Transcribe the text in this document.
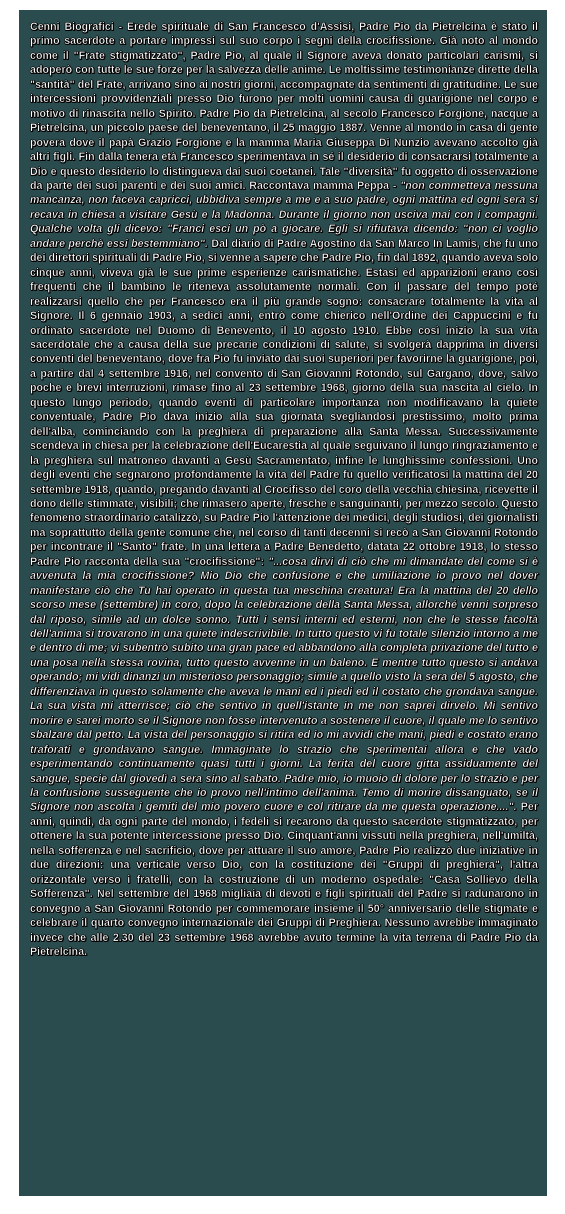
Cenni Biografici - Erede spirituale di San Francesco d'Assisi, Padre Pio da Pietrelcina è stato il primo sacerdote a portare impressi sul suo corpo i segni della crocifissione. Già noto al mondo come il "Frate stigmatizzato", Padre Pio, al quale il Signore aveva donato particolari carismi, si adoperò con tutte le sue forze per la salvezza delle anime. Le moltissime testimonianze dirette della "santità" del Frate, arrivano sino ai nostri giorni, accompagnate da sentimenti di gratitudine. Le sue intercessioni provvidenziali presso Dio furono per molti uomini causa di guarigione nel corpo e motivo di rinascita nello Spirito. Padre Pio da Pietrelcina, al secolo Francesco Forgione, nacque a Pietrelcina, un piccolo paese del beneventano, il 25 maggio 1887. Venne al mondo in casa di gente povera dove il papà Grazio Forgione e la mamma Maria Giuseppa Di Nunzio avevano accolto già altri figli. Fin dalla tenera età Francesco sperimentava in sé il desiderio di consacrarsi totalmente a Dio e questo desiderio lo distingueva dai suoi coetanei. Tale "diversità" fu oggetto di osservazione da parte dei suoi parenti e dei suoi amici. Raccontava mamma Peppa - "non commetteva nessuna mancanza, non faceva capricci, ubbidiva sempre a me e a suo padre, ogni mattina ed ogni sera si recava in chiesa a visitare Gesù e la Madonna. Durante il giorno non usciva mai con i compagni. Qualche volta gli dicevo: "Franci esci un pò a giocare. Egli si rifiutava dicendo: "non ci voglio andare perchè essi bestemmiano". Dal diario di Padre Agostino da San Marco In Lamis, che fu uno dei direttori spirituali di Padre Pio, si venne a sapere che Padre Pio, fin dal 1892, quando aveva solo cinque anni, viveva già le sue prime esperienze carismatiche. Estasi ed apparizioni erano così frequenti che il bambino le riteneva assolutamente normali. Con il passare del tempo poté realizzarsi quello che per Francesco era il più grande sogno: consacrare totalmente la vita al Signore. Il 6 gennaio 1903, a sedici anni, entrò come chierico nell'Ordine dei Cappuccini e fu ordinato sacerdote nel Duomo di Benevento, il 10 agosto 1910. Ebbe così inizio la sua vita sacerdotale che a causa della sue precarie condizioni di salute, si svolgerà dapprima in diversi conventi del beneventano, dove fra Pio fu inviato dai suoi superiori per favorirne la guarigione, poi, a partire dal 4 settembre 1916, nel convento di San Giovanni Rotondo, sul Gargano, dove, salvo poche e brevi interruzioni, rimase fino al 23 settembre 1968, giorno della sua nascita al cielo. In questo lungo periodo, quando eventi di particolare importanza non modificavano la quiete conventuale, Padre Pio dava inizio alla sua giornata svegliandosi prestissimo, molto prima dell'alba, cominciando con la preghiera di preparazione alla Santa Messa. Successivamente scendeva in chiesa per la celebrazione dell'Eucarestia al quale seguivano il lungo ringraziamento e la preghiera sul matroneo davanti a Gesù Sacramentato, infine le lunghissime confessioni. Uno degli eventi che segnarono profondamente la vita del Padre fu quello verificatosi la mattina del 20 settembre 1918, quando, pregando davanti al Crocifisso del coro della vecchia chiesina, ricevette il dono delle stimmate, visibili; che rimasero aperte, fresche e sanguinanti, per mezzo secolo. Questo fenomeno straordinario catalizzò, su Padre Pio l'attenzione dei medici, degli studiosi, dei giornalisti ma soprattutto della gente comune che, nel corso di tanti decenni si recò a San Giovanni Rotondo per incontrare il "Santo" frate. In una lettera a Padre Benedetto, datata 22 ottobre 1918, lo stesso Padre Pio racconta della sua "crocifissione": "...cosa dirvi di ciò che mi dimandate del come si è avvenuta la mia crocifissione? Mio Dio che confusione e che umiliazione io provo nel dover manifestare ciò che Tu hai operato in questa tua meschina creatura! Era la mattina del 20 dello scorso mese (settembre) in coro, dopo la celebrazione della Santa Messa, allorché venni sorpreso dal riposo, simile ad un dolce sonno. Tutti i sensi interni ed esterni, non che le stesse facoltà dell'anima si trovarono in una quiete indescrivibile. In tutto questo vi fu totale silenzio intorno a me e dentro di me; vi subentrò subito una gran pace ed abbandono alla completa privazione del tutto e una posa nella stessa rovina, tutto questo avvenne in un baleno. E mentre tutto questo si andava operando; mi vidi dinanzi un misterioso personaggio; simile a quello visto la sera del 5 agosto, che differenziava in questo solamente che aveva le mani ed i piedi ed il costato che grondava sangue. La sua vista mi atterrisce; ciò che sentivo in quell'istante in me non saprei dirvelo. Mi sentivo morire e sarei morto se il Signore non fosse intervenuto a sostenere il cuore, il quale me lo sentivo sbalzare dal petto. La vista del personaggio si ritira ed io mi avvidi che mani, piedi e costato erano traforati e grondavano sangue. Immaginate lo strazio che sperimentai allora e che vado esperimentando continuamente quasi tutti i giorni. La ferita del cuore gitta assiduamente del sangue, specie dal giovedì a sera sino al sabato. Padre mio, io muoio di dolore per lo strazio e per la confusione susseguente che io provo nell'intimo dell'anima. Temo di morire dissanguato, se il Signore non ascolta i gemiti del mio povero cuore e col ritirare da me questa operazione....". Per anni, quindi, da ogni parte del mondo, i fedeli si recarono da questo sacerdote stigmatizzato, per ottenere la sua potente intercessione presso Dio. Cinquant'anni vissuti nella preghiera, nell'umiltà, nella sofferenza e nel sacrificio, dove per attuare il suo amore, Padre Pio realizzò due iniziative in due direzioni: una verticale verso Dio, con la costituzione dei "Gruppi di preghiera", l'altra orizzontale verso i fratelli, con la costruzione di un moderno ospedale: "Casa Sollievo della Sofferenza". Nel settembre del 1968 migliaia di devoti e figli spirituali del Padre si radunarono in convegno a San Giovanni Rotondo per commemorare insieme il 50° anniversario delle stigmate e celebrare il quarto convegno internazionale dei Gruppi di Preghiera. Nessuno avrebbe immaginato invece che alle 2.30 del 23 settembre 1968 avrebbe avuto termine la vita terrena di Padre Pio da Pietrelcina.
